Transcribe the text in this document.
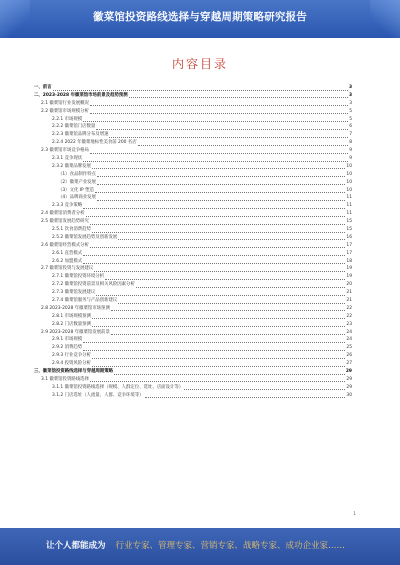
徽菜馆投资路线选择与穿越周期策略研究报告
内容目录
一、前言	3
二、2023-2028 年徽菜馆市场前景及趋势预测	3
2.1 徽菜馆行业发展概况	3
2.2 徽菜馆市场规模分析	5
2.2.1 市场规模	5
2.2.2 徽菜馆门店数量	6
2.2.3 徽菜馆品牌分布及增速	7
2.2.4 2022 年徽菜地标性美食前 200 名店	8
2.3 徽菜馆市场竞争格局	9
2.3.1 竞争现状	9
2.3.2 徽菜品牌发展	10
（1）食品制作特点	10
（2）徽菜产业发展	10
（3）文化 IP 塑造	10
（4）品牌商业发展	11
2.3.3 竞争策略	11
2.4 徽菜馆消费者分析	11
2.5 徽菜馆发展趋势研究	15
2.5.1 饮食消费趋势	15
2.5.2 徽菜馆发展趋势及创新发展	16
2.6 徽菜馆经营模式分析	17
2.6.1 直营模式	17
2.6.2 加盟模式	18
2.7 徽菜馆投资与发展建议	19
2.7.1 徽菜馆投资环境分析	19
2.7.2 徽菜馆投资前景及相关风险因素分析	20
2.7.3 徽菜馆发展建议	21
2.7.4 徽菜馆服务与产品创新建议	21
2.8 2023-2028 年徽菜馆市场预测	22
2.8.1 市场规模预测	22
2.8.2 门店数量预测	23
2.9 2023-2028 年徽菜馆发展前景	24
2.9.1 市场规模	24
2.9.2 消费趋势	25
2.9.3 行业竞争分析	26
2.9.4 投资风险分析	27
三、徽菜馆投资路线选择与穿越周期策略	29
3.1 徽菜馆投资路线选择	29
3.1.1 徽菜馆投资路线选择（规模、人群定位、选址、店面设计等）	29
3.1.2 门店选址（人流量、人群、竞争环境等）	30
1
让个人都能成为 行业专家、管理专家、营销专家、战略专家、成功企业家……
